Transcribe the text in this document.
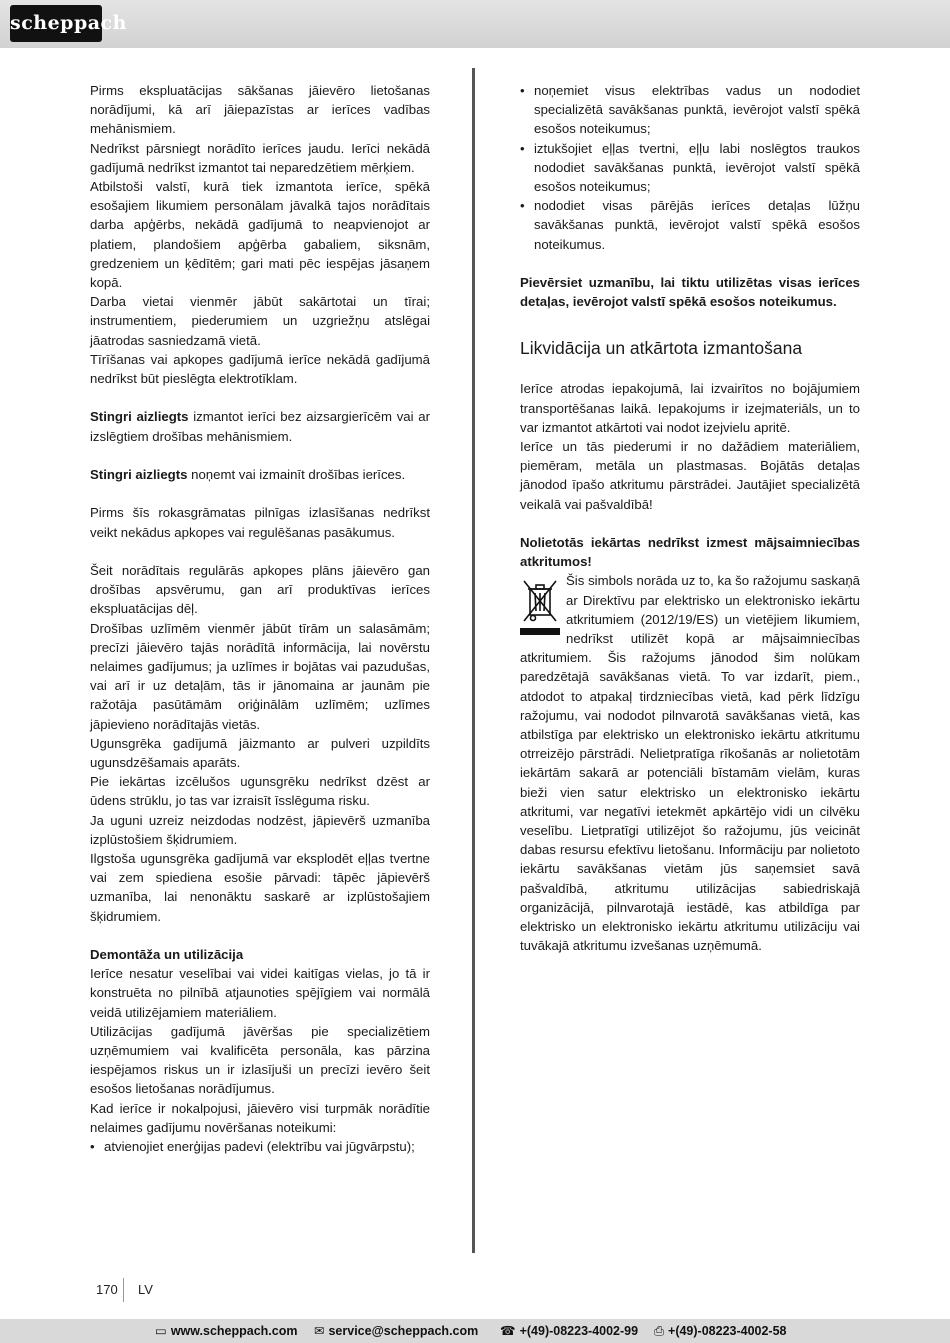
scheppach

Pirms ekspluatācijas sākšanas jāievēro lietošanas norādījumi, kā arī jāiepazīstas ar ierīces vadības mehānismiem.

Nedrīkst pārsniegt norādīto ierīces jaudu. Ierīci nekādā gadījumā nedrīkst izmantot tai neparedzētiem mērķiem.

Atbilstoši valstī, kurā tiek izmantota ierīce, spēkā esošajiem likumiem personālam jāvalkā tajos norādītais darba apģērbs, nekādā gadījumā to neapvienojot ar platiem, plandošiem apģērba gabaliem, siksnām, gredzeniem un ķēdītēm; gari mati pēc iespējas jāsaņem kopā.

Darba vietai vienmēr jābūt sakārtotai un tīrai; instrumentiem, piederumiem un uzgriežņu atslēgai jāatrodas sasniedzamā vietā.

Tīrīšanas vai apkopes gadījumā ierīce nekādā gadījumā nedrīkst būt pieslēgta elektrotīklam.

Stingri aizliegts izmantot ierīci bez aizsargierīcēm vai ar izslēgtiem drošības mehānismiem.

Stingri aizliegts noņemt vai izmainīt drošības ierīces.

Pirms šīs rokasgrāmatas pilnīgas izlasīšanas nedrīkst veikt nekādus apkopes vai regulēšanas pasākumus.

Šeit norādītais regulārās apkopes plāns jāievēro gan drošības apsvērumu, gan arī produktīvas ierīces ekspluatācijas dēļ.

Drošības uzlīmēm vienmēr jābūt tīrām un salasāmām; precīzi jāievēro tajās norādītā informācija, lai novērstu nelaimes gadījumus; ja uzlīmes ir bojātas vai pazudušas, vai arī ir uz detaļām, tās ir jānomaina ar jaunām pie ražotāja pasūtāmām oriģinālām uzlīmēm; uzlīmes jāpievieno norādītajās vietās.

Ugunsgrēka gadījumā jāizmanto ar pulveri uzpildīts ugunsdzēšamais aparāts.

Pie iekārtas izcēlušos ugunsgrēku nedrīkst dzēst ar ūdens strūklu, jo tas var izraisīt īsslēguma risku.

Ja uguni uzreiz neizdodas nodzēst, jāpievērš uzmanība izplūstošiem šķidrumiem.

Ilgstoša ugunsgrēka gadījumā var eksplodēt eļļas tvertne vai zem spiediena esošie pārvadi: tāpēc jāpievērš uzmanība, lai nenonāktu saskarē ar izplūstošajiem šķidrumiem.

Demontāža un utilizācija

Ierīce nesatur veselībai vai videi kaitīgas vielas, jo tā ir konstruēta no pilnībā atjaunoties spējīgiem vai normālā veidā utilizējamiem materiāliem.

Utilizācijas gadījumā jāvēršas pie specializētiem uzņēmumiem vai kvalificēta personāla, kas pārzina iespējamos riskus un ir izlasījuši un precīzi ievēro šeit esošos lietošanas norādījumus.

Kad ierīce ir nokalpojusi, jāievēro visi turpmāk norādītie nelaimes gadījumu novēršanas noteikumi:

• atvienojiet enerģijas padevi (elektrību vai jūgvārpstu);
• noņemiet visus elektrības vadus un nododiet specializētā savākšanas punktā, ievērojot valstī spēkā esošos noteikumus;
• iztukšojiet eļļas tvertni, eļļu labi noslēgtos traukos nododiet savākšanas punktā, ievērojot valstī spēkā esošos noteikumus;
• nododiet visas pārējās ierīces detaļas lūžņu savākšanas punktā, ievērojot valstī spēkā esošos noteikumus.

Pievērsiet uzmanību, lai tiktu utilizētas visas ierīces detaļas, ievērojot valstī spēkā esošos noteikumus.

Likvidācija un atkārtota izmantošana

Ierīce atrodas iepakojumā, lai izvairītos no bojājumiem transportēšanas laikā. Iepakojums ir izejmateriāls, un to var izmantot atkārtoti vai nodot izejvielu apritē.

Ierīce un tās piederumi ir no dažādiem materiāliem, piemēram, metāla un plastmasas. Bojātās detaļas jānodod īpašo atkritumu pārstrādei. Jautājiet specializētā veikalā vai pašvaldībā!

Nolietotās iekārtas nedrīkst izmest mājsaimniecības atkritumos!

Šis simbols norāda uz to, ka šo ražojumu saskaņā ar Direktīvu par elektrisko un elektronisko iekārtu atkritumiem (2012/19/ES) un vietējiem likumiem, nedrīkst utilizēt kopā ar mājsaimniecības atkritumiem. Šis ražojums jānodod šim nolūkam paredzētajā savākšanas vietā. To var izdarīt, piem., atdodot to atpakaļ tirdzniecības vietā, kad pērk līdzīgu ražojumu, vai nododot pilnvarotā savākšanas vietā, kas atbilstīga par elektrisko un elektronisko iekārtu atkritumu otrreizējo pārstrādi. Nelietpratīga rīkošanās ar nolietotām iekārtām sakarā ar potenciāli bīstamām vielām, kuras bieži vien satur elektrisko un elektronisko iekārtu atkritumi, var negatīvi ietekmēt apkārtējo vidi un cilvēku veselību. Lietpratīgi utilizējot šo ražojumu, jūs veicināt dabas resursu efektīvu lietošanu. Informāciju par nolietoto iekārtu savākšanas vietām jūs saņemsiet savā pašvaldībā, atkritumu utilizācijas sabiedriskajā organizācijā, pilnvarotajā iestādē, kas atbildīga par elektrisko un elektronisko iekārtu atkritumu utilizāciju vai tuvākajā atkritumu izvešanas uzņēmumā.

170 LV
▭ www.scheppach.com ✉ service@scheppach.com ☎ +(49)-08223-4002-99 ⎙ +(49)-08223-4002-58
